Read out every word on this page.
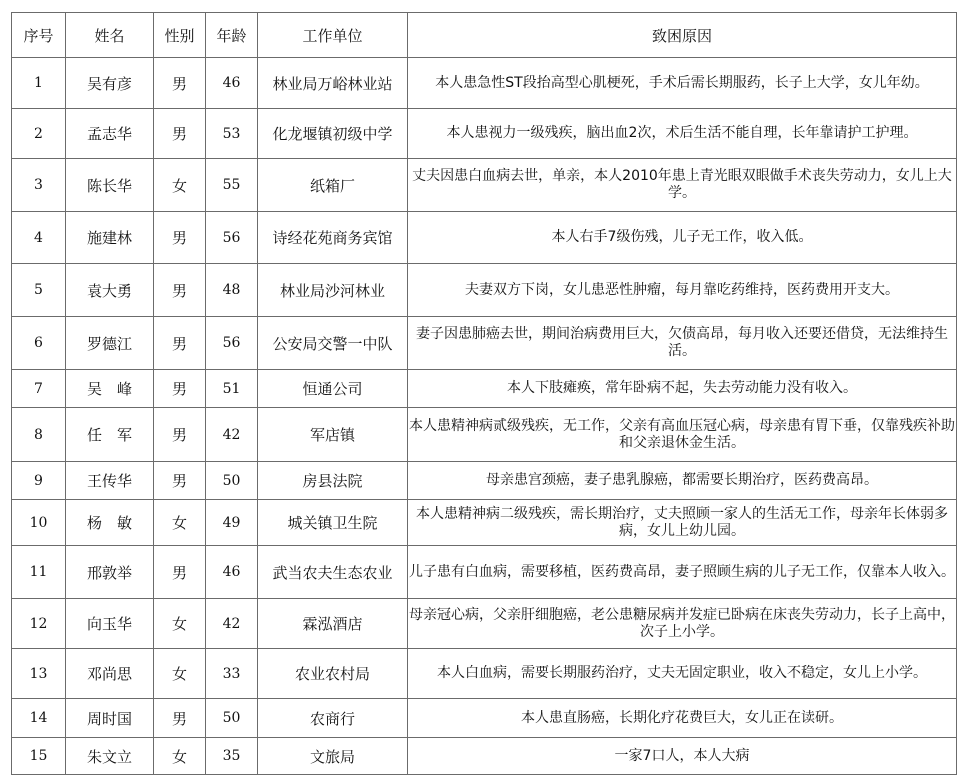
序号	姓名	性别	年龄	工作单位	致困原因
1	吴有彦	男	46	林业局万峪林业站	本人患急性ST段抬高型心肌梗死，手术后需长期服药，长子上大学，女儿年幼。
2	孟志华	男	53	化龙堰镇初级中学	本人患视力一级残疾，脑出血2次，术后生活不能自理，长年靠请护工护理。
3	陈长华	女	55	纸箱厂	丈夫因患白血病去世，单亲，本人2010年患上青光眼双眼做手术丧失劳动力，女儿上大学。
4	施建林	男	56	诗经花苑商务宾馆	本人右手7级伤残，儿子无工作，收入低。
5	袁大勇	男	48	林业局沙河林业	夫妻双方下岗，女儿患恶性肿瘤，每月靠吃药维持，医药费用开支大。
6	罗德江	男	56	公安局交警一中队	妻子因患肺癌去世，期间治病费用巨大，欠债高昂，每月收入还要还借贷，无法维持生活。
7	吴　峰	男	51	恒通公司	本人下肢瘫痪，常年卧病不起，失去劳动能力没有收入。
8	任　军	男	42	军店镇	本人患精神病贰级残疾，无工作，父亲有高血压冠心病，母亲患有胃下垂，仅靠残疾补助和父亲退休金生活。
9	王传华	男	50	房县法院	母亲患宫颈癌，妻子患乳腺癌，都需要长期治疗，医药费高昂。
10	杨　敏	女	49	城关镇卫生院	本人患精神病二级残疾，需长期治疗，丈夫照顾一家人的生活无工作，母亲年长体弱多病，女儿上幼儿园。
11	邢敦举	男	46	武当农夫生态农业	儿子患有白血病，需要移植，医药费高昂，妻子照顾生病的儿子无工作，仅靠本人收入。
12	向玉华	女	42	霖泓酒店	母亲冠心病，父亲肝细胞癌，老公患糖尿病并发症已卧病在床丧失劳动力，长子上高中，次子上小学。
13	邓尚思	女	33	农业农村局	本人白血病，需要长期服药治疗，丈夫无固定职业，收入不稳定，女儿上小学。
14	周时国	男	50	农商行	本人患直肠癌，长期化疗花费巨大，女儿正在读研。
15	朱文立	女	35	文旅局	一家7口人，本人大病
